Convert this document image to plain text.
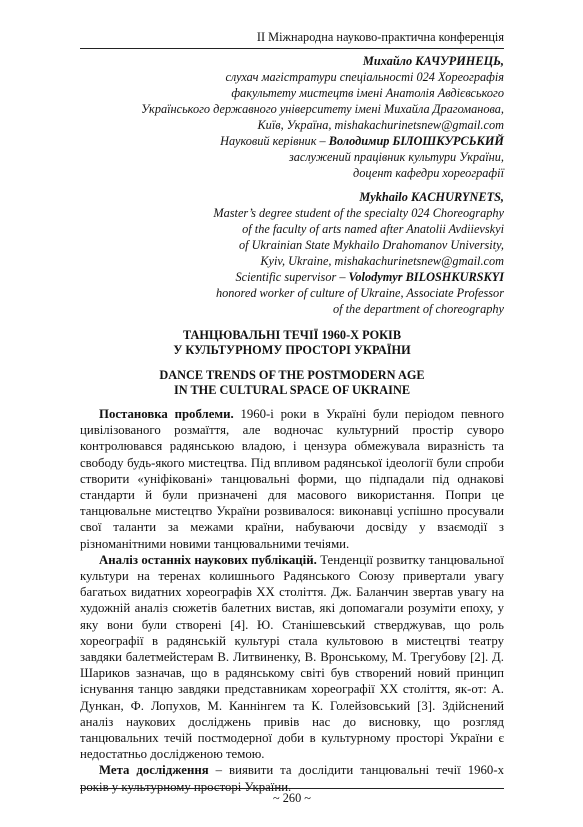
ІІ Міжнародна науково-практична конференція
Михайло КАЧУРИНЕЦЬ,
слухач магістратури спеціальності 024 Хореографія
факультету мистецтв імені Анатолія Авдієвського
Українського державного університету імені Михайла Драгоманова,
Київ, Україна, mishakachurinetsnew@gmail.com
Науковий керівник – Володимир БІЛОШКУРСЬКИЙ
заслужений працівник культури України,
доцент кафедри хореографії
Mykhailo KACHURYNETS,
Master’s degree student of the specialty 024 Choreography
of the faculty of arts named after Anatolii Avdiievskyi
of Ukrainian State Mykhailo Drahomanov University,
Kyiv, Ukraine, mishakachurinetsnew@gmail.com
Scientific supervisor – Volodymyr BILOSHKURSKYI
honored worker of culture of Ukraine, Associate Professor
of the department of choreography
ТАНЦЮВАЛЬНІ ТЕЧІЇ 1960-Х РОКІВ
У КУЛЬТУРНОМУ ПРОСТОРІ УКРАЇНИ
DANCE TRENDS OF THE POSTMODERN AGE
IN THE CULTURAL SPACE OF UKRAINE

Постановка проблеми. 1960-і роки в Україні були періодом певного цивілізованого розмаїття, але водночас культурний простір суворо контролювався радянською владою, і цензура обмежувала виразність та свободу будь-якого мистецтва. Під впливом радянської ідеології були спроби створити «уніфіковані» танцювальні форми, що підпадали під однакові стандарти й були призначені для масового використання. Попри це танцювальне мистецтво України розвивалося: виконавці успішно просували свої таланти за межами країни, набуваючи досвіду у взаємодії з різноманітними новими танцювальними течіями.

Аналіз останніх наукових публікацій. Тенденції розвитку танцювальної культури на теренах колишнього Радянського Союзу привертали увагу багатьох видатних хореографів ХХ століття. Дж. Баланчин звертав увагу на художній аналіз сюжетів балетних вистав, які допомагали розуміти епоху, у яку вони були створені [4]. Ю. Станішевський стверджував, що роль хореографії в радянській культурі стала культовою в мистецтві театру завдяки балетмейстерам В. Литвиненку, В. Вронському, М. Трегубову [2]. Д. Шариков зазначав, що в радянському світі був створений новий принцип існування танцю завдяки представникам хореографії ХХ століття, як-от: А. Дункан, Ф. Лопухов, М. Каннінгем та К. Голейзовський [3]. Здійснений аналіз наукових досліджень привів нас до висновку, що розгляд танцювальних течій постмодерної доби в культурному просторі України є недостатньо дослідженою темою.

Мета дослідження – виявити та дослідити танцювальні течії 1960-х років у культурному просторі України.

~ 260 ~
